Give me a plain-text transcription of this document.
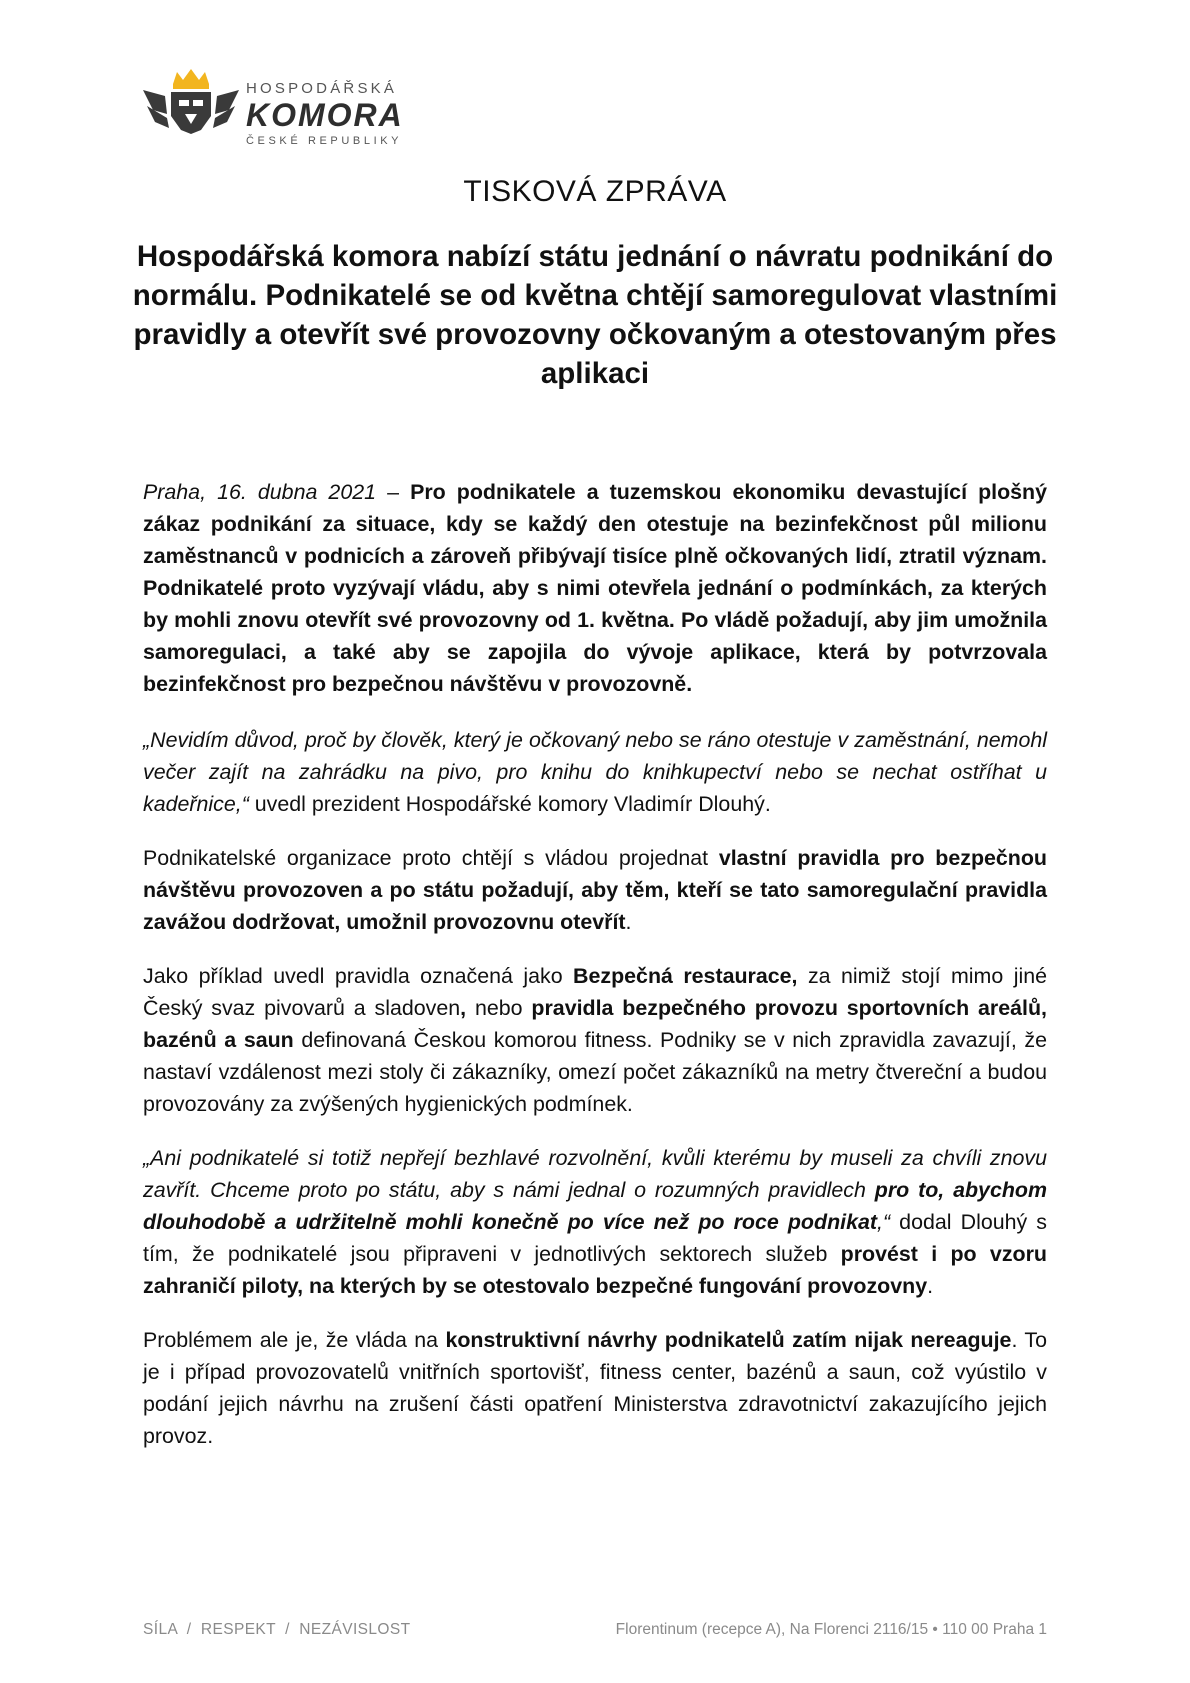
HOSPODÁŘSKÁ
KOMORA
ČESKÉ REPUBLIKY
TISKOVÁ ZPRÁVA
Hospodářská komora nabízí státu jednání o návratu podnikání do normálu. Podnikatelé se od května chtějí samoregulovat vlastními pravidly a otevřít své provozovny očkovaným a otestovaným přes aplikaci

Praha, 16. dubna 2021 – Pro podnikatele a tuzemskou ekonomiku devastující plošný zákaz podnikání za situace, kdy se každý den otestuje na bezinfekčnost půl milionu zaměstnanců v podnicích a zároveň přibývají tisíce plně očkovaných lidí, ztratil význam. Podnikatelé proto vyzývají vládu, aby s nimi otevřela jednání o podmínkách, za kterých by mohli znovu otevřít své provozovny od 1. května. Po vládě požadují, aby jim umožnila samoregulaci, a také aby se zapojila do vývoje aplikace, která by potvrzovala bezinfekčnost pro bezpečnou návštěvu v provozovně.

„Nevidím důvod, proč by člověk, který je očkovaný nebo se ráno otestuje v zaměstnání, nemohl večer zajít na zahrádku na pivo, pro knihu do knihkupectví nebo se nechat ostříhat u kadeřnice,“ uvedl prezident Hospodářské komory Vladimír Dlouhý.

Podnikatelské organizace proto chtějí s vládou projednat vlastní pravidla pro bezpečnou návštěvu provozoven a po státu požadují, aby těm, kteří se tato samoregulační pravidla zavážou dodržovat, umožnil provozovnu otevřít.

Jako příklad uvedl pravidla označená jako Bezpečná restaurace, za nimiž stojí mimo jiné Český svaz pivovarů a sladoven, nebo pravidla bezpečného provozu sportovních areálů, bazénů a saun definovaná Českou komorou fitness. Podniky se v nich zpravidla zavazují, že nastaví vzdálenost mezi stoly či zákazníky, omezí počet zákazníků na metry čtvereční a budou provozovány za zvýšených hygienických podmínek.

„Ani podnikatelé si totiž nepřejí bezhlavé rozvolnění, kvůli kterému by museli za chvíli znovu zavřít. Chceme proto po státu, aby s námi jednal o rozumných pravidlech pro to, abychom dlouhodobě a udržitelně mohli konečně po více než po roce podnikat,“ dodal Dlouhý s tím, že podnikatelé jsou připraveni v jednotlivých sektorech služeb provést i po vzoru zahraničí piloty, na kterých by se otestovalo bezpečné fungování provozovny.

Problémem ale je, že vláda na konstruktivní návrhy podnikatelů zatím nijak nereaguje. To je i případ provozovatelů vnitřních sportovišť, fitness center, bazénů a saun, což vyústilo v podání jejich návrhu na zrušení části opatření Ministerstva zdravotnictví zakazujícího jejich provoz.

SÍLA  /  RESPEKT  /  NEZÁVISLOST	Florentinum (recepce A), Na Florenci 2116/15 • 110 00 Praha 1
